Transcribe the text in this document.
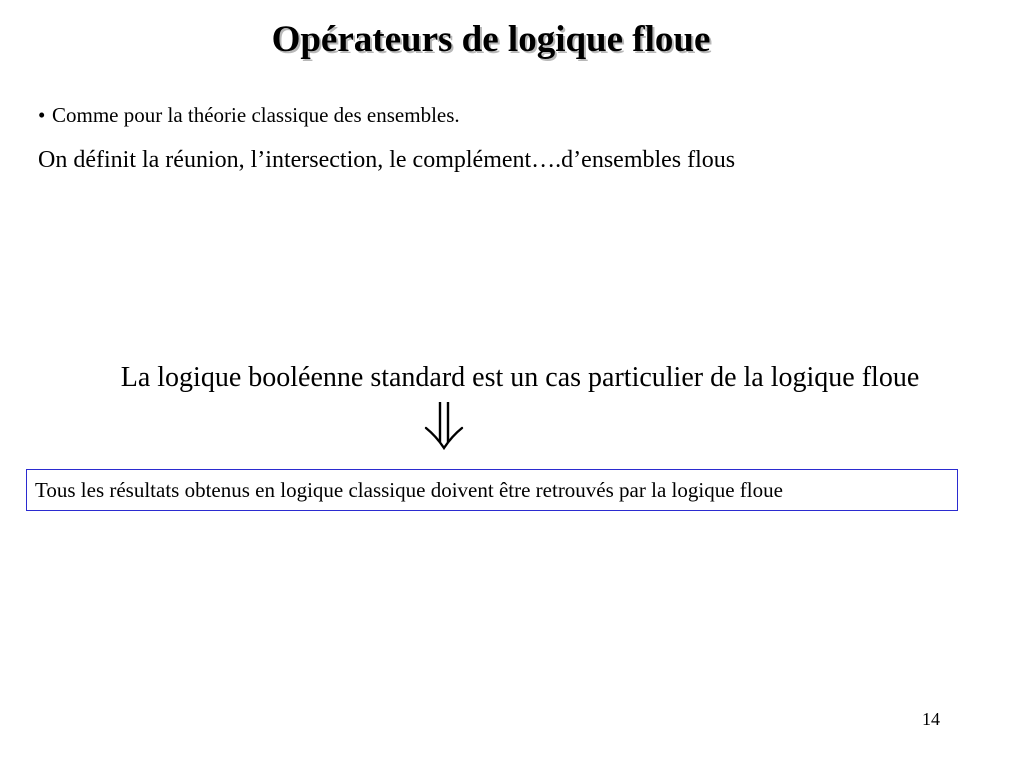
Opérateurs de logique floue
• Comme pour la théorie classique des ensembles.
On définit la réunion, l’intersection, le complément….d’ensembles flous
La logique booléenne standard est un cas particulier de la logique floue
Tous les résultats obtenus en logique classique doivent être retrouvés par la logique floue
14
